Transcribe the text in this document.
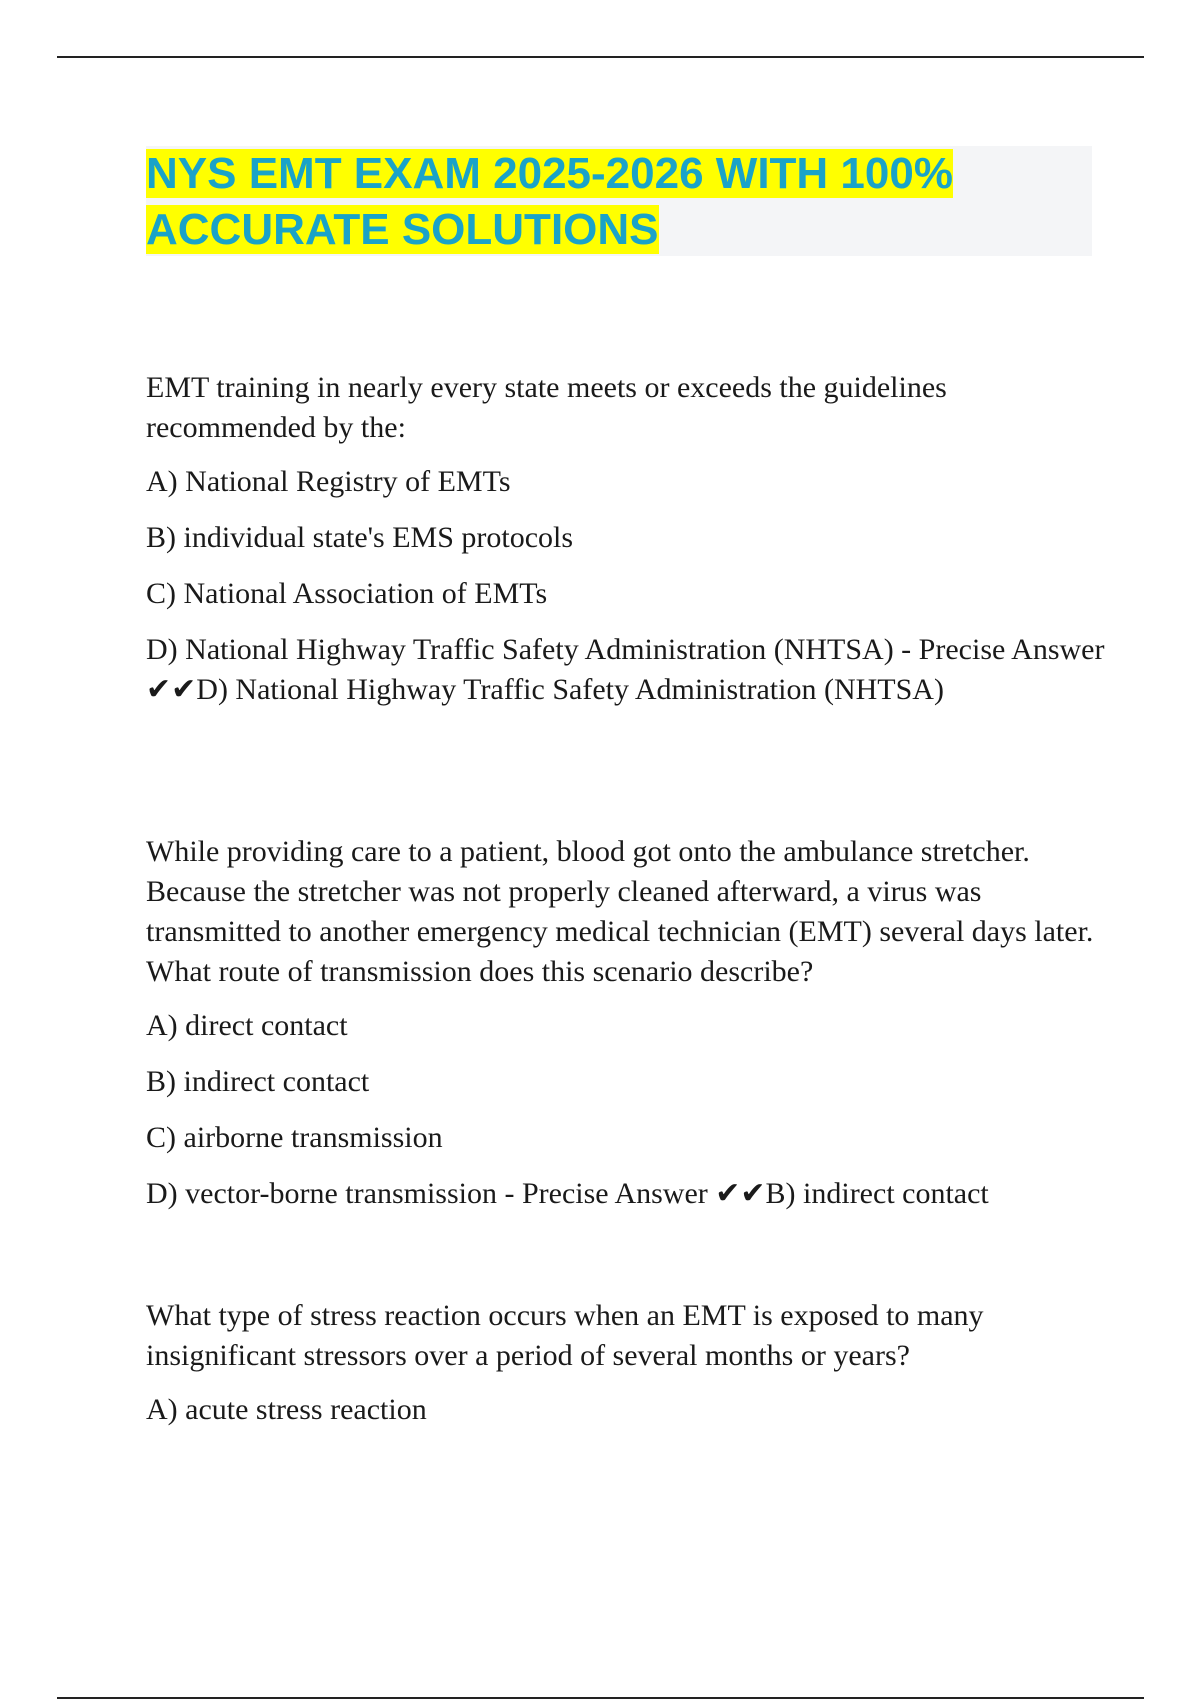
NYS EMT EXAM 2025-2026 WITH 100% ACCURATE SOLUTIONS

EMT training in nearly every state meets or exceeds the guidelines recommended by the:

A) National Registry of EMTs

B) individual state's EMS protocols

C) National Association of EMTs

D) National Highway Traffic Safety Administration (NHTSA) - Precise Answer ✔✔D) National Highway Traffic Safety Administration (NHTSA)

While providing care to a patient, blood got onto the ambulance stretcher. Because the stretcher was not properly cleaned afterward, a virus was transmitted to another emergency medical technician (EMT) several days later. What route of transmission does this scenario describe?

A) direct contact

B) indirect contact

C) airborne transmission

D) vector-borne transmission - Precise Answer ✔✔B) indirect contact

What type of stress reaction occurs when an EMT is exposed to many insignificant stressors over a period of several months or years?

A) acute stress reaction
